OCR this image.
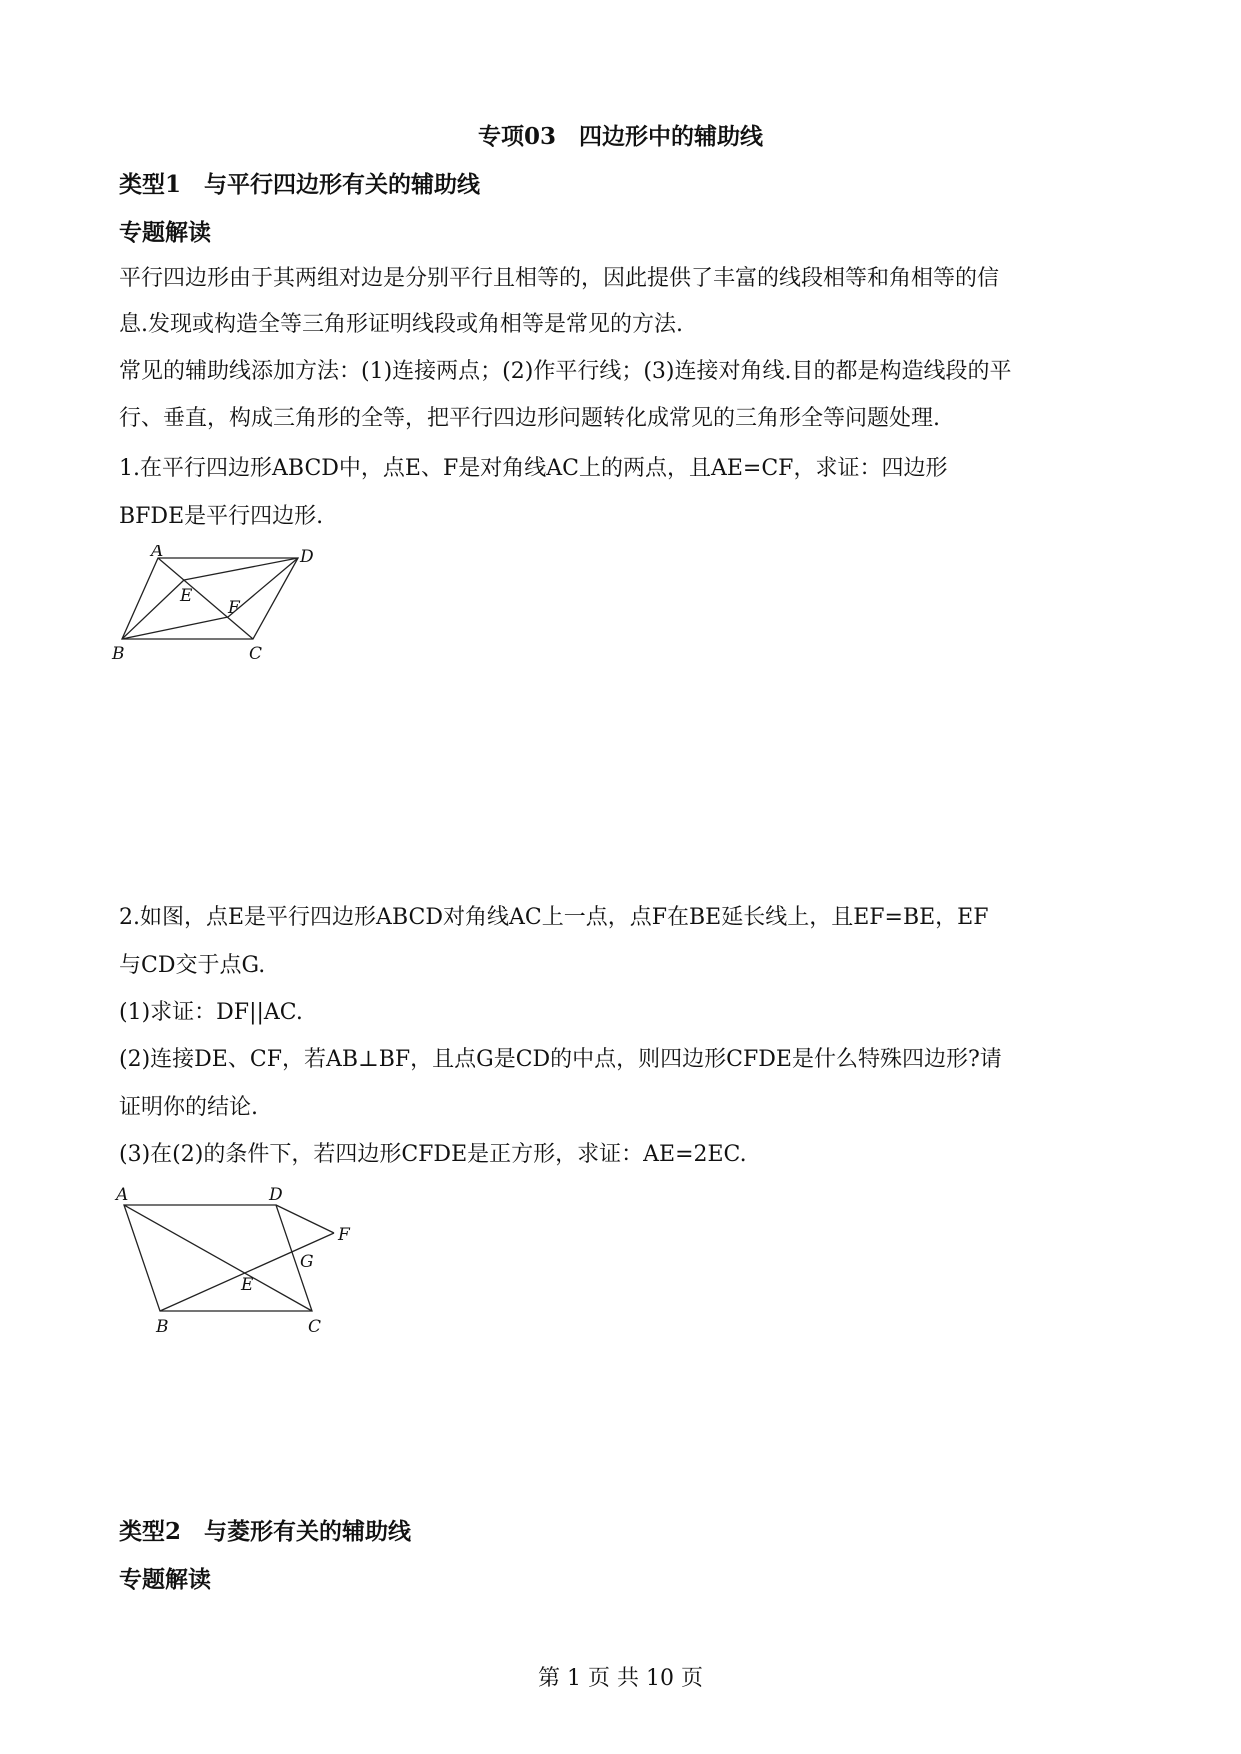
专项03　四边形中的辅助线
类型1　与平行四边形有关的辅助线
专题解读
平行四边形由于其两组对边是分别平行且相等的，因此提供了丰富的线段相等和角相等的信
息.发现或构造全等三角形证明线段或角相等是常见的方法.
常见的辅助线添加方法：(1)连接两点；(2)作平行线；(3)连接对角线.目的都是构造线段的平
行、垂直，构成三角形的全等，把平行四边形问题转化成常见的三角形全等问题处理.
1.在平行四边形ABCD中，点E、F是对角线AC上的两点，且AE=CF，求证：四边形
BFDE是平行四边形.
A	D
E
F
B	C
2.如图，点E是平行四边形ABCD对角线AC上一点，点F在BE延长线上，且EF=BE，EF
与CD交于点G.
(1)求证：DF||AC.
(2)连接DE、CF，若AB⊥BF，且点G是CD的中点，则四边形CFDE是什么特殊四边形?请
证明你的结论.
(3)在(2)的条件下，若四边形CFDE是正方形，求证：AE=2EC.
A	D
F
G
E
B	C
类型2　与菱形有关的辅助线
专题解读
第 1 页 共 10 页
